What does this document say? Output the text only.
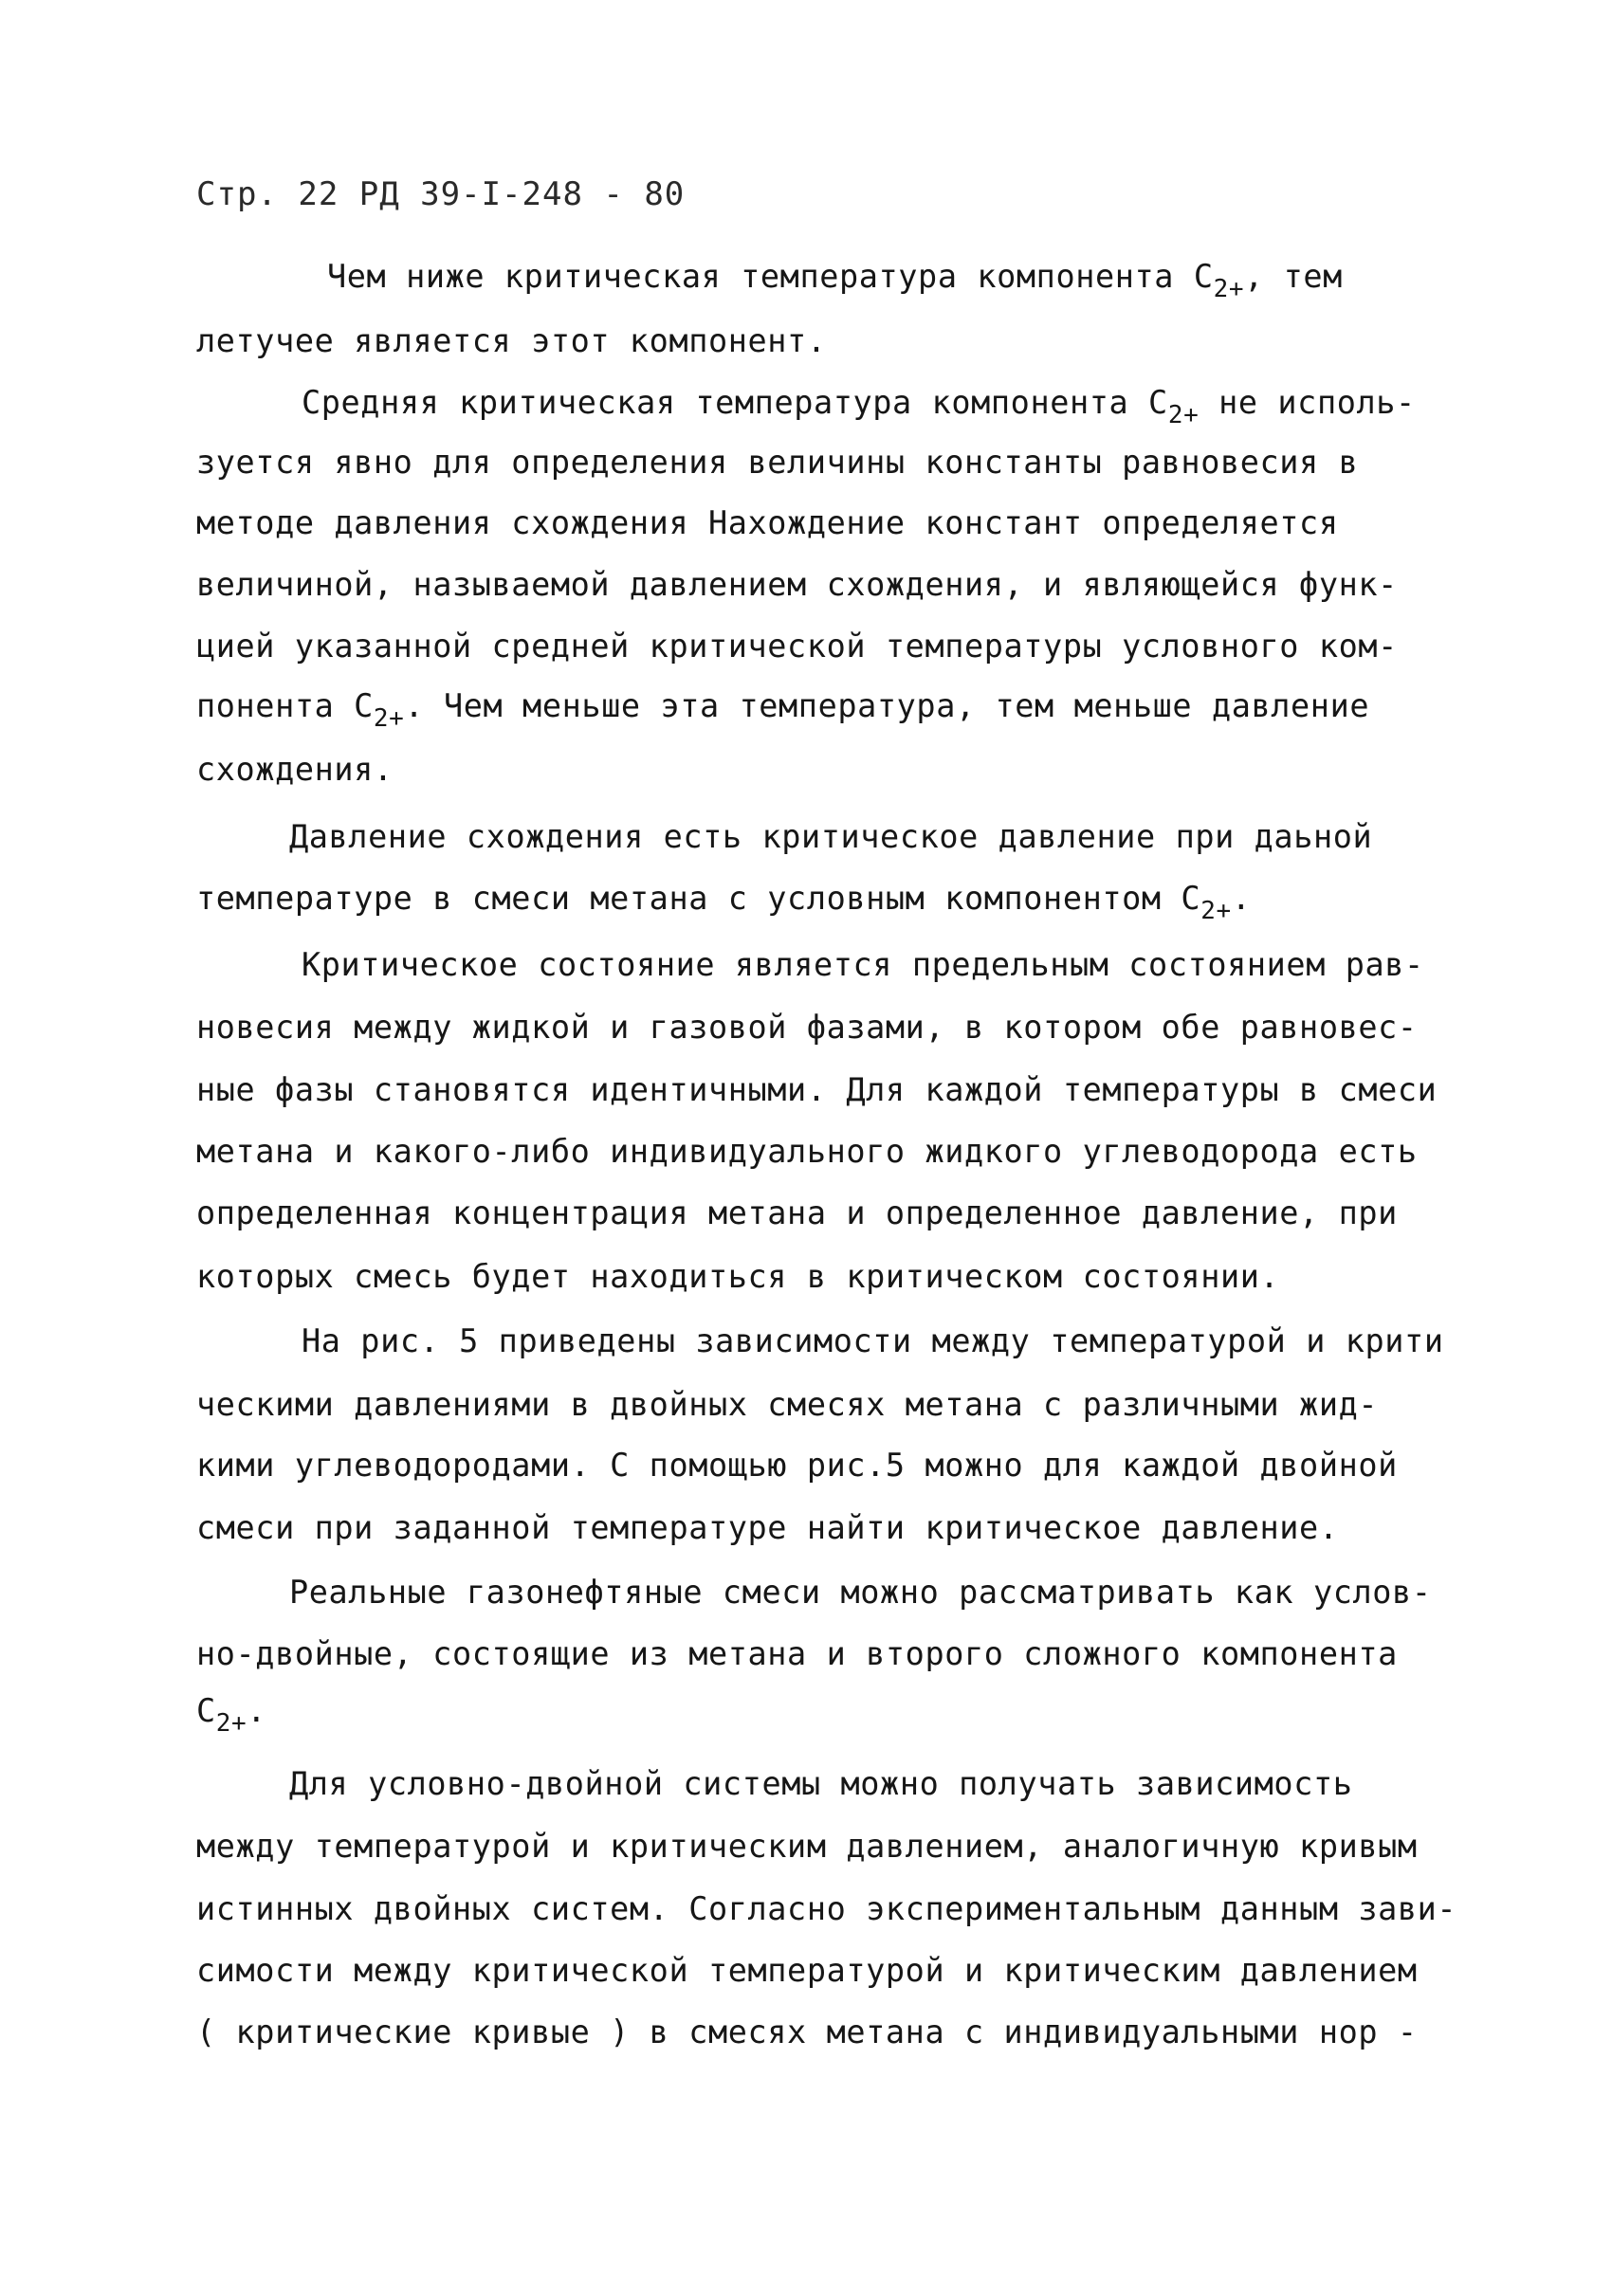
Стр. 22 РД 39-I-248 - 80
Чем ниже критическая температура компонента $C_{2+}$, тем
летучее является этот компонент.
Средняя критическая температура компонента $C_{2+}$ не исполь-
зуется явно для определения величины константы равновесия в
методе давления схождения Нахождение констант определяется
величиной, называемой давлением схождения, и являющейся функ-
цией указанной средней критической температуры условного ком-
понента $C_{2+}$. Чем меньше эта температура, тем меньше давление
схождения.
Давление схождения есть критическое давление при даьной
температуре в смеси метана с условным компонентом $C_{2+}$.
Критическое состояние является предельным состоянием рав-
новесия между жидкой и газовой фазами, в котором обе равновес-
ные фазы становятся идентичными. Для каждой температуры в смеси
метана и какого-либо индивидуального жидкого углеводорода есть
определенная концентрация метана и определенное давление, при
которых смесь будет находиться в критическом состоянии.
На рис. 5 приведены зависимости между температурой и крити
ческими давлениями в двойных смесях метана с различными жид-
кими углеводородами. С помощью рис.5 можно для каждой двойной
смеси при заданной температуре найти критическое давление.
Реальные газонефтяные смеси можно рассматривать как услов-
но-двойные, состоящие из метана и второго сложного компонента
$C_{2+}$.
Для условно-двойной системы можно получать зависимость
между температурой и критическим давлением, аналогичную кривым
истинных двойных систем. Согласно экспериментальным данным зави-
симости между критической температурой и критическим давлением
( критические кривые ) в смесях метана с индивидуальными нор -
